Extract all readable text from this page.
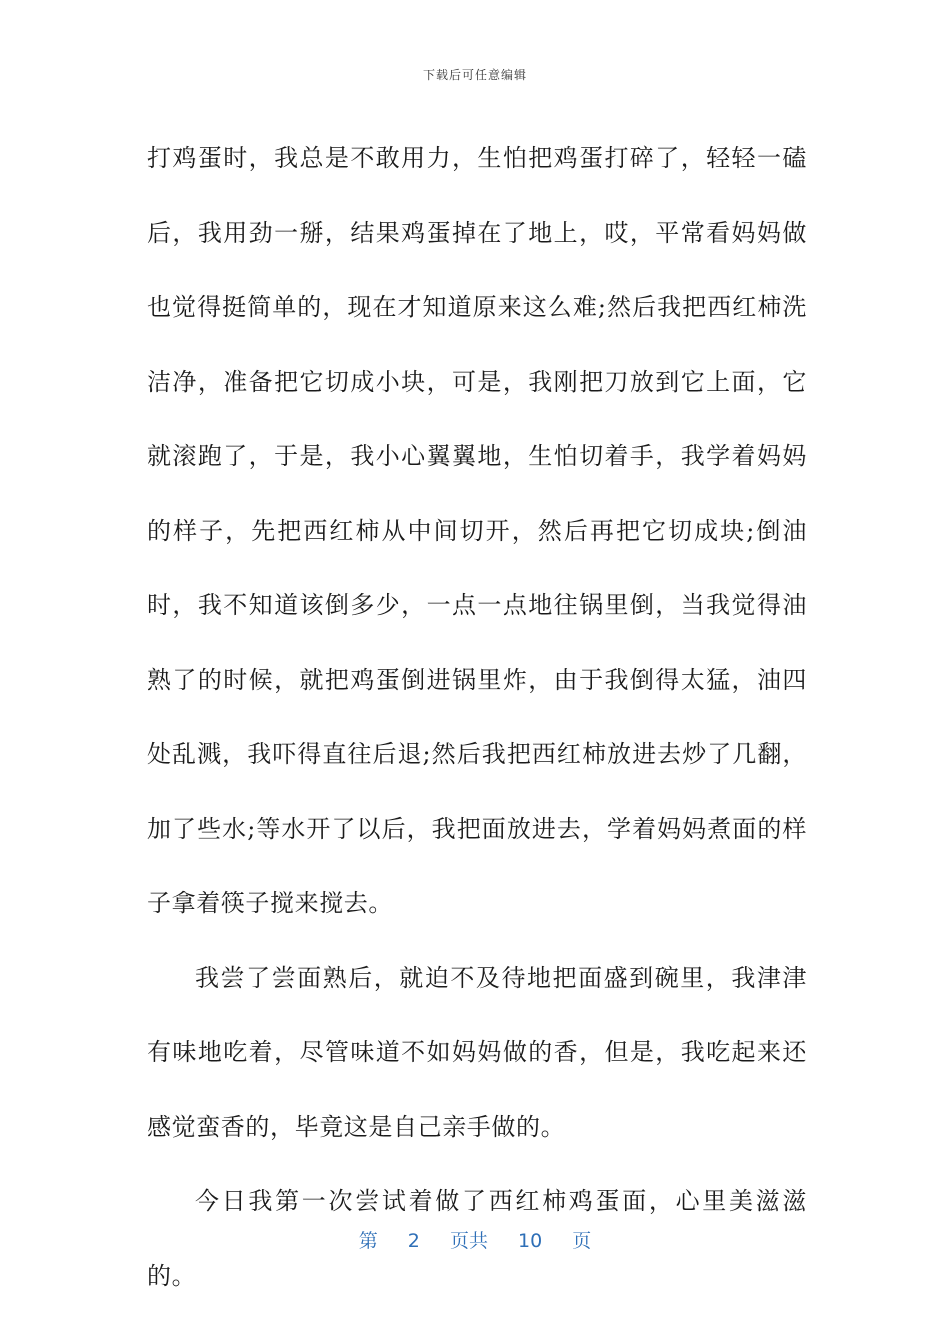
下载后可任意编辑

打鸡蛋时，我总是不敢用力，生怕把鸡蛋打碎了，轻轻一磕后，我用劲一掰，结果鸡蛋掉在了地上，哎，平常看妈妈做也觉得挺简单的，现在才知道原来这么难;然后我把西红柿洗洁净，准备把它切成小块，可是，我刚把刀放到它上面，它就滚跑了，于是，我小心翼翼地，生怕切着手，我学着妈妈的样子，先把西红柿从中间切开，然后再把它切成块;倒油时，我不知道该倒多少，一点一点地往锅里倒，当我觉得油熟了的时候，就把鸡蛋倒进锅里炸，由于我倒得太猛，油四处乱溅，我吓得直往后退;然后我把西红柿放进去炒了几翻，加了些水;等水开了以后，我把面放进去，学着妈妈煮面的样子拿着筷子搅来搅去。

我尝了尝面熟后，就迫不及待地把面盛到碗里，我津津有味地吃着，尽管味道不如妈妈做的香，但是，我吃起来还感觉蛮香的，毕竟这是自己亲手做的。

今日我第一次尝试着做了西红柿鸡蛋面，心里美滋滋的。

第 2 页共 10 页
